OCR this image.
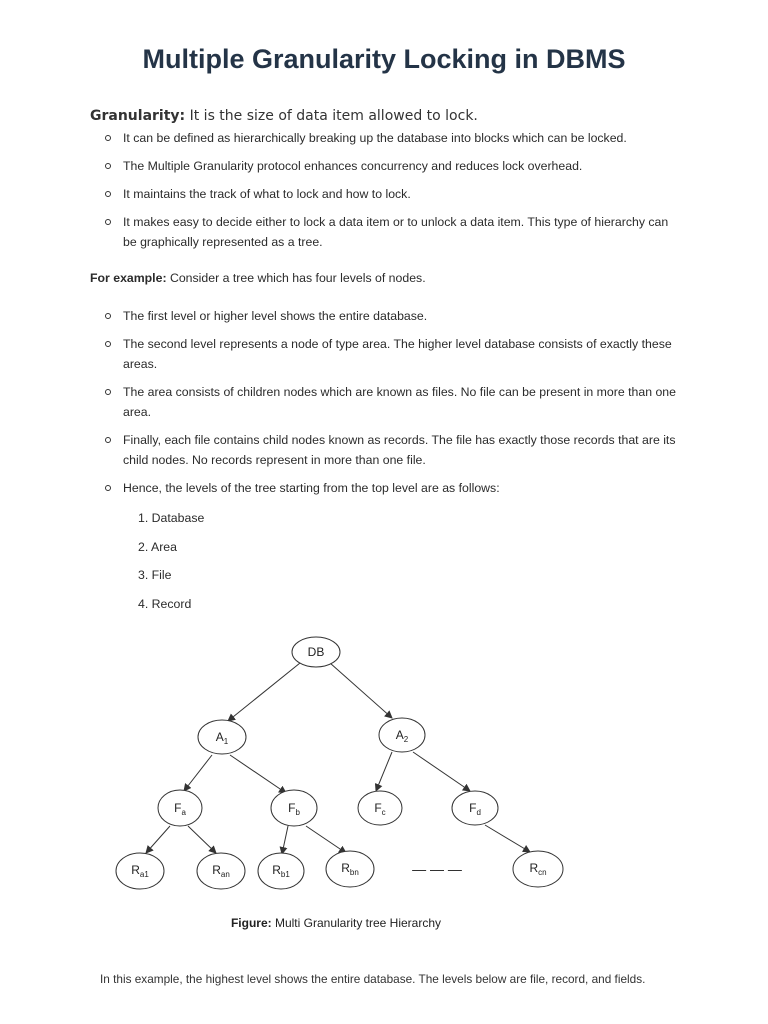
Multiple Granularity Locking in DBMS

Granularity: It is the size of data item allowed to lock.

It can be defined as hierarchically breaking up the database into blocks which can be locked.
The Multiple Granularity protocol enhances concurrency and reduces lock overhead.
It maintains the track of what to lock and how to lock.
It makes easy to decide either to lock a data item or to unlock a data item. This type of hierarchy can be graphically represented as a tree.

For example: Consider a tree which has four levels of nodes.

The first level or higher level shows the entire database.
The second level represents a node of type area. The higher level database consists of exactly these areas.
The area consists of children nodes which are known as files. No file can be present in more than one area.
Finally, each file contains child nodes known as records. The file has exactly those records that are its child nodes. No records represent in more than one file.
Hence, the levels of the tree starting from the top level are as follows:
1. Database
2. Area
3. File
4. Record
DB
$A_1$	$A_2$
$F_a$	$F_b$	$F_c$	$F_d$
$R_{a1}$	$R_{an}$	$R_{b1}$	$R_{bn}$	$R_{cn}$
— — —
Figure: Multi Granularity tree Hierarchy

In this example, the highest level shows the entire database. The levels below are file, record, and fields.
